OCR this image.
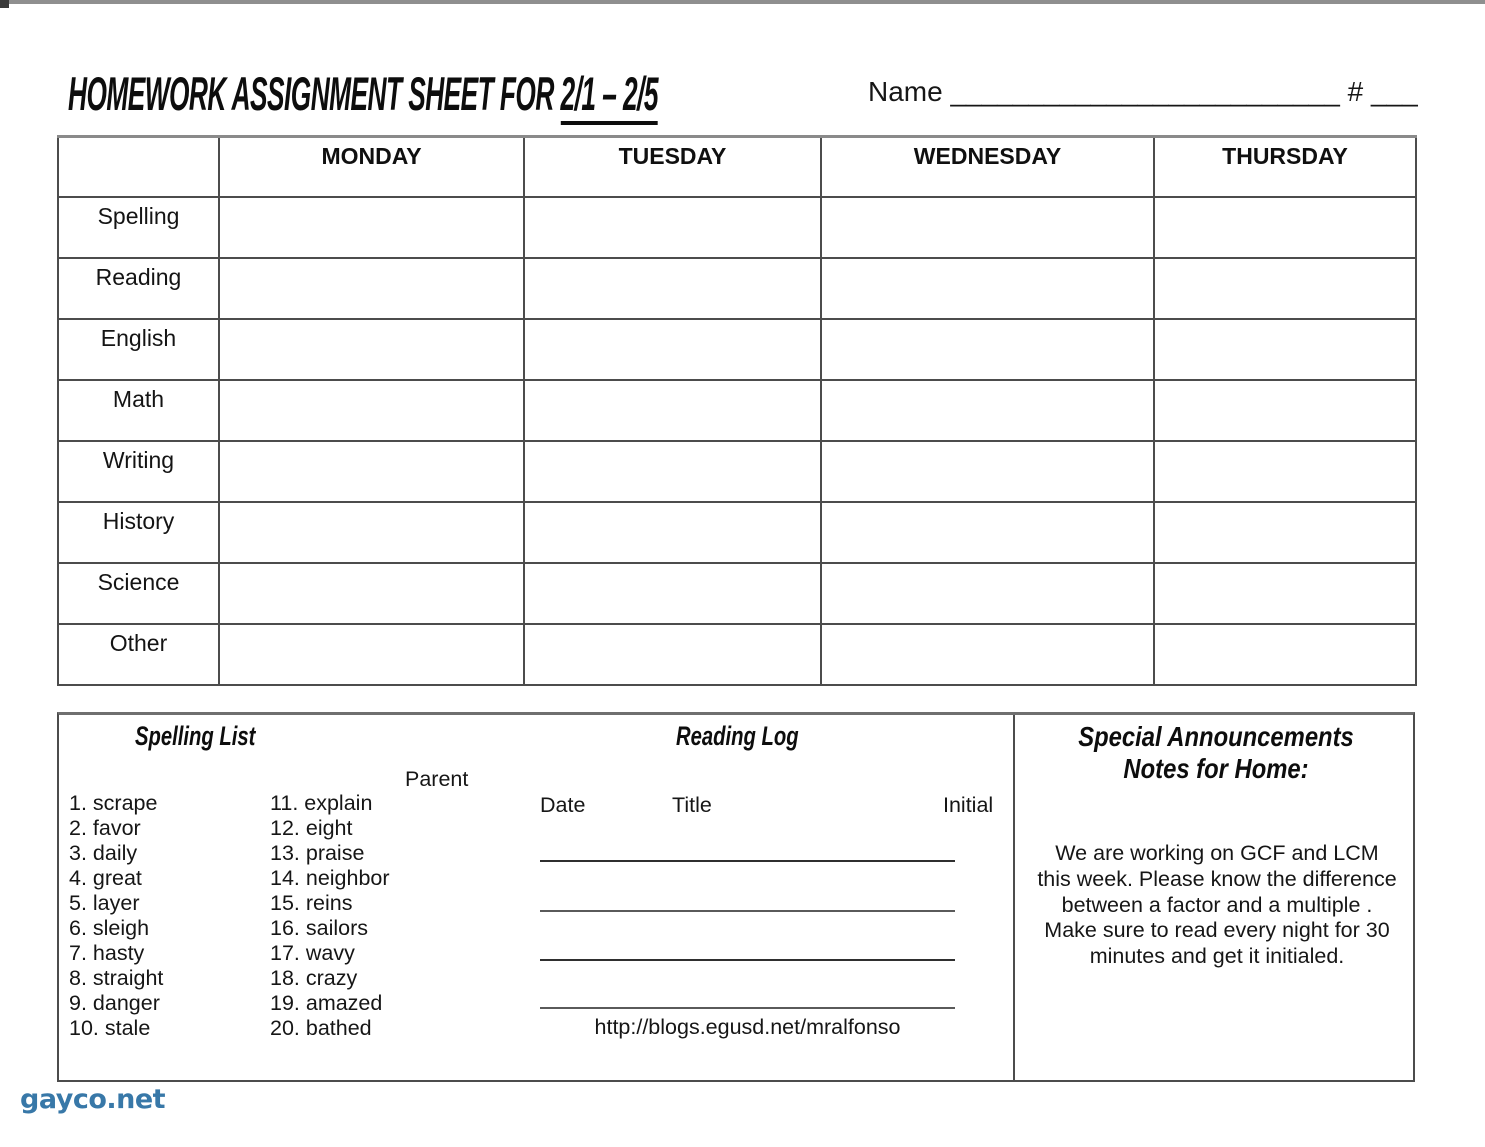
HOMEWORK ASSIGNMENT SHEET FOR 2/1 – 2/5	Name _________________________ # ___
	MONDAY	TUESDAY	WEDNESDAY	THURSDAY
Spelling				
Reading				
English				
Math				
Writing				
History				
Science				
Other				
Spelling List
1. scrape
2. favor
3. daily
4. great
5. layer
6. sleigh
7. hasty
8. straight
9. danger
10. stale
11. explain
12. eight
13. praise
14. neighbor
15. reins
16. sailors
17. wavy
18. crazy
19. amazed
20. bathed
Reading Log
Parent
Date	Title	Initial
http://blogs.egusd.net/mralfonso
Special Announcements
Notes for Home:
We are working on GCF and LCM
this week. Please know the difference
between a factor and a multiple .
Make sure to read every night for 30
minutes and get it initialed.
gayco.net
